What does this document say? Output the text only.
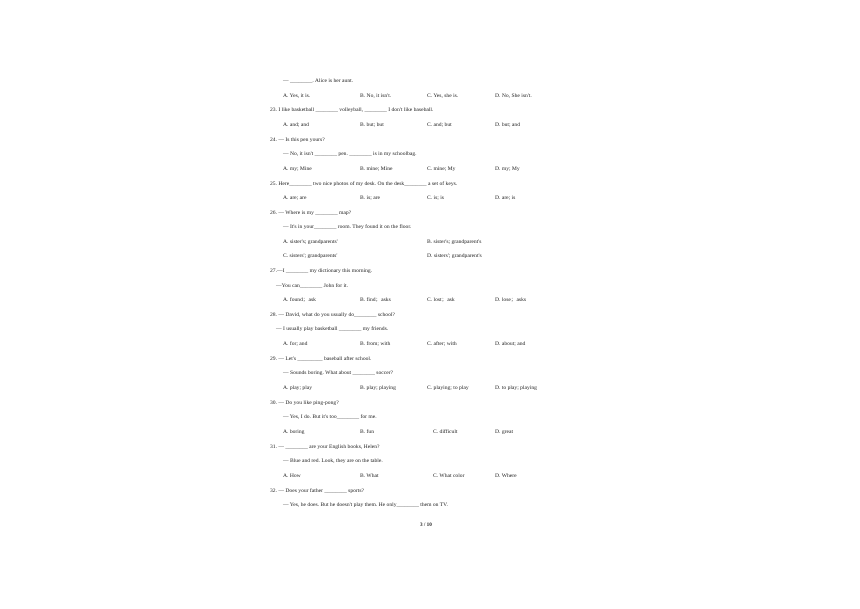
— ________. Alice is her aunt.
A. Yes, it is.	B. No, it isn't.	C. Yes, she is.	D. No, She isn't.
23. I like basketball ________ volleyball, ________ I don't like baseball.
A. and; and	B. but; but	C. and; but	D. but; and
24. — Is this pen yours?
— No, it isn't ________ pen. ________ is in my schoolbag.
A. my; Mine	B. mine; Mine	C. mine; My	D. my; My
25. Here________ two nice photos of my desk. On the desk________ a set of keys.
A. are; are	B. is; are	C. is; is	D. are; is
26. — Where is my ________ map?
— It's in your________ room. They found it on the floor.
A. sister's; grandparents'	B. sister's; grandparent's
C. sisters'; grandparents'	D. sisters'; grandparent's
27.—I ________ my dictionary this morning.
—You can________ John for it.
A. found；ask	B. find；asks	C. lost；ask	D. lose；asks
28. — David, what do you usually do________ school?
— I usually play basketball ________ my friends.
A. for; and	B. from; with	C. after; with	D. about; and
29. — Let's _________ baseball after school.
— Sounds boring. What about ________ soccer?
A. play; play	B. play; playing	C. playing; to play	D. to play; playing
30. — Do you like ping-pong?
— Yes, I do. But it's too________ for me.
A. boring	B. fun	C. difficult	D. great
31. — ________ are your English books, Helen?
— Blue and red. Look, they are on the table.
A. How	B. What	C. What color	D. Where
32. — Does your father ________ sports?
— Yes, he does. But he doesn't play them. He only________ them on TV.
3 / 10
